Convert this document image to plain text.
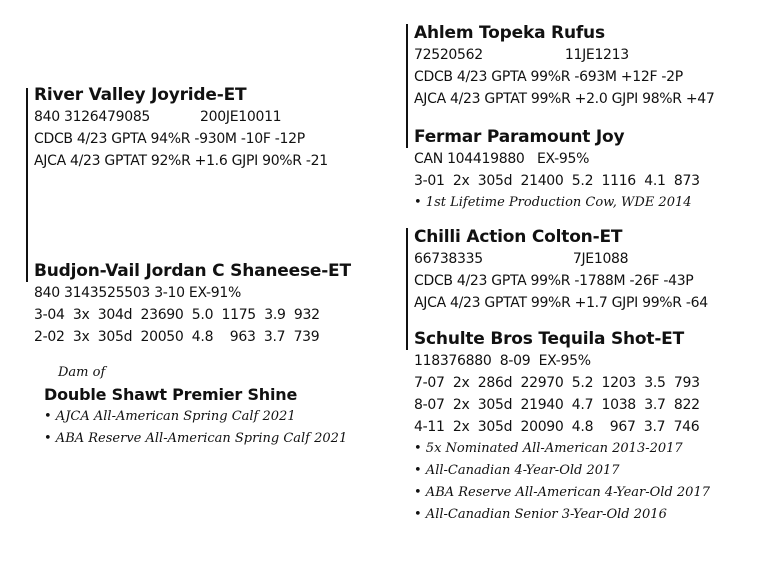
River Valley Joyride-ET
840 3126479085	200JE10011
CDCB 4/23 GPTA 94%R -930M -10F -12P
AJCA 4/23 GPTAT 92%R +1.6 GJPI 90%R -21
Budjon-Vail Jordan C Shaneese-ET
840 3143525503 3-10 EX-91%
3-04  3x  304d  23690  5.0  1175  3.9  932
2-02  3x  305d  20050  4.8    963  3.7  739
Dam of
Double Shawt Premier Shine
• AJCA All-American Spring Calf 2021
• ABA Reserve All-American Spring Calf 2021
Ahlem Topeka Rufus
72520562	11JE1213
CDCB 4/23 GPTA 99%R -693M +12F -2P
AJCA 4/23 GPTAT 99%R +2.0 GJPI 98%R +47
Fermar Paramount Joy
CAN 104419880   EX-95%
3-01  2x  305d  21400  5.2  1116  4.1  873
• 1st Lifetime Production Cow, WDE 2014
Chilli Action Colton-ET
66738335	7JE1088
CDCB 4/23 GPTA 99%R -1788M -26F -43P
AJCA 4/23 GPTAT 99%R +1.7 GJPI 99%R -64
Schulte Bros Tequila Shot-ET
118376880  8-09  EX-95%
7-07  2x  286d  22970  5.2  1203  3.5  793
8-07  2x  305d  21940  4.7  1038  3.7  822
4-11  2x  305d  20090  4.8    967  3.7  746
• 5x Nominated All-American 2013-2017
• All-Canadian 4-Year-Old 2017
• ABA Reserve All-American 4-Year-Old 2017
• All-Canadian Senior 3-Year-Old 2016
